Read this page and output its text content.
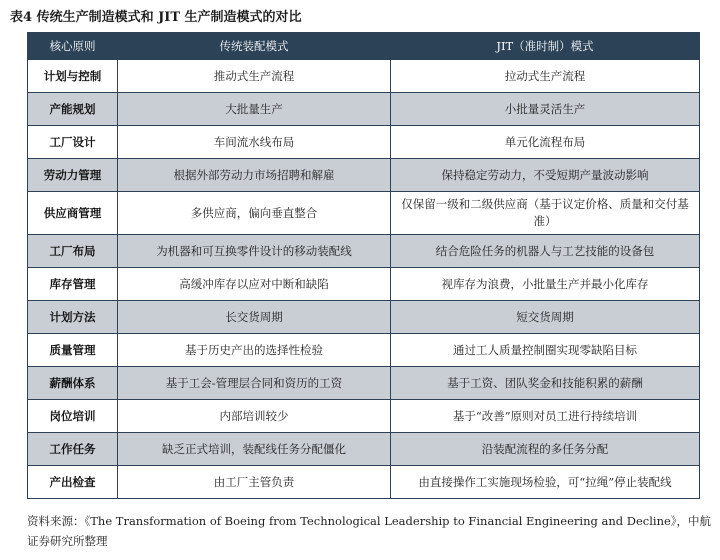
表4 传统生产制造模式和 JIT 生产制造模式的对比
核心原则	传统装配模式	JIT（准时制）模式
计划与控制	推动式生产流程	拉动式生产流程
产能规划	大批量生产	小批量灵活生产
工厂设计	车间流水线布局	单元化流程布局
劳动力管理	根据外部劳动力市场招聘和解雇	保持稳定劳动力，不受短期产量波动影响
供应商管理	多供应商，偏向垂直整合	仅保留一级和二级供应商（基于议定价格、质量和交付基准）
工厂布局	为机器和可互换零件设计的移动装配线	结合危险任务的机器人与工艺技能的设备包
库存管理	高缓冲库存以应对中断和缺陷	视库存为浪费，小批量生产并最小化库存
计划方法	长交货周期	短交货周期
质量管理	基于历史产出的选择性检验	通过工人质量控制圈实现零缺陷目标
薪酬体系	基于工会-管理层合同和资历的工资	基于工资、团队奖金和技能积累的薪酬
岗位培训	内部培训较少	基于“改善”原则对员工进行持续培训
工作任务	缺乏正式培训，装配线任务分配僵化	沿装配流程的多任务分配
产出检查	由工厂主管负责	由直接操作工实施现场检验，可“拉绳”停止装配线
资料来源：《The Transformation of Boeing from Technological Leadership to Financial Engineering and Decline》，中航证券研究所整理
